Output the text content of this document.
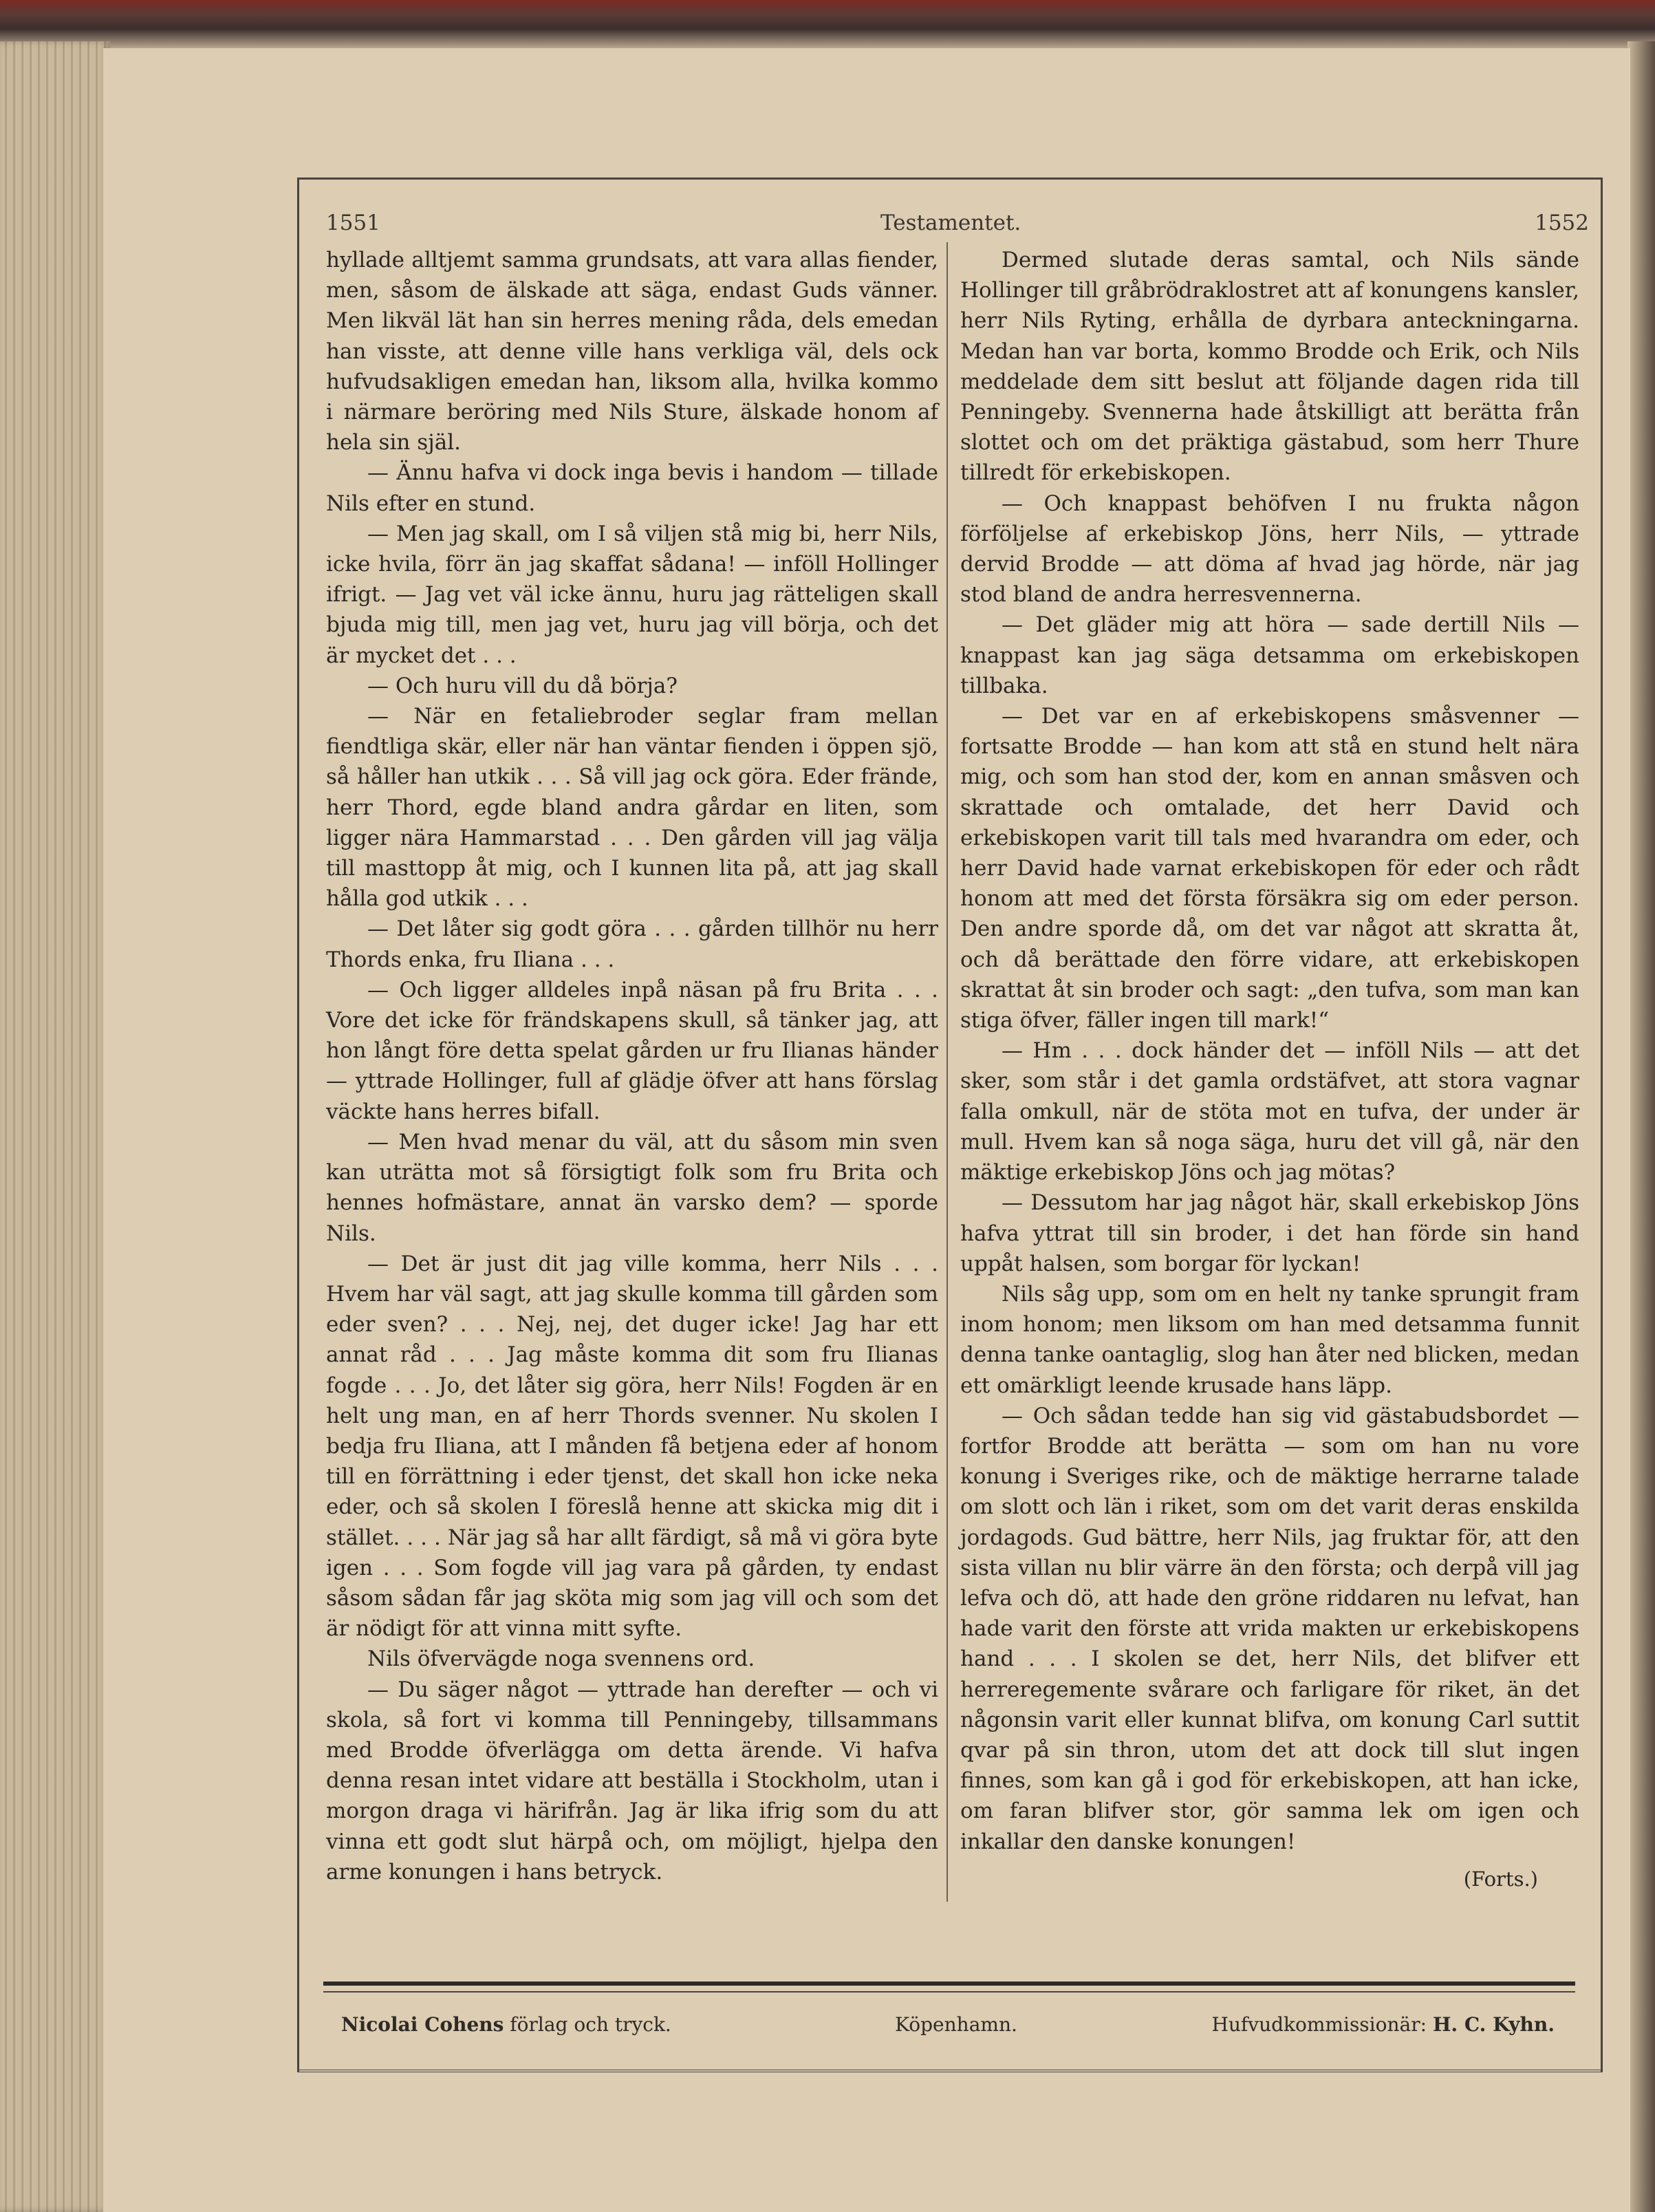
1551	Testamentet.	1552

hyllade alltjemt samma grundsats, att vara allas fiender, men, såsom de älskade att säga, endast Guds vänner. Men likväl lät han sin herres mening råda, dels emedan han visste, att denne ville hans verkliga väl, dels ock hufvudsakligen emedan han, liksom alla, hvilka kommo i närmare beröring med Nils Sture, älskade honom af hela sin själ.

— Ännu hafva vi dock inga bevis i handom — tillade Nils efter en stund.

— Men jag skall, om I så viljen stå mig bi, herr Nils, icke hvila, förr än jag skaffat sådana! — inföll Hollinger ifrigt. — Jag vet väl icke ännu, huru jag rätteligen skall bjuda mig till, men jag vet, huru jag vill börja, och det är mycket det . . .

— Och huru vill du då börja?

— När en fetaliebroder seglar fram mellan fiendtliga skär, eller när han väntar fienden i öppen sjö, så håller han utkik . . . Så vill jag ock göra. Eder frände, herr Thord, egde bland andra gårdar en liten, som ligger nära Hammarstad . . . Den gården vill jag välja till masttopp åt mig, och I kunnen lita på, att jag skall hålla god utkik . . .

— Det låter sig godt göra . . . gården tillhör nu herr Thords enka, fru Iliana . . .

— Och ligger alldeles inpå näsan på fru Brita . . . Vore det icke för frändskapens skull, så tänker jag, att hon långt före detta spelat gården ur fru Ilianas händer — yttrade Hollinger, full af glädje öfver att hans förslag väckte hans herres bifall.

— Men hvad menar du väl, att du såsom min sven kan uträtta mot så försigtigt folk som fru Brita och hennes hofmästare, annat än varsko dem? — sporde Nils.

— Det är just dit jag ville komma, herr Nils . . . Hvem har väl sagt, att jag skulle komma till gården som eder sven? . . . Nej, nej, det duger icke! Jag har ett annat råd . . . Jag måste komma dit som fru Ilianas fogde . . . Jo, det låter sig göra, herr Nils! Fogden är en helt ung man, en af herr Thords svenner. Nu skolen I bedja fru Iliana, att I månden få betjena eder af honom till en förrättning i eder tjenst, det skall hon icke neka eder, och så skolen I föreslå henne att skicka mig dit i stället. . . . När jag så har allt färdigt, så må vi göra byte igen . . . Som fogde vill jag vara på gården, ty endast såsom sådan får jag sköta mig som jag vill och som det är nödigt för att vinna mitt syfte.

Nils öfvervägde noga svennens ord.

— Du säger något — yttrade han derefter — och vi skola, så fort vi komma till Penningeby, tillsammans med Brodde öfverlägga om detta ärende. Vi hafva denna resan intet vidare att beställa i Stockholm, utan i morgon draga vi härifrån. Jag är lika ifrig som du att vinna ett godt slut härpå och, om möjligt, hjelpa den arme konungen i hans betryck.

Dermed slutade deras samtal, och Nils sände Hollinger till gråbrödraklostret att af konungens kansler, herr Nils Ryting, erhålla de dyrbara anteckningarna. Medan han var borta, kommo Brodde och Erik, och Nils meddelade dem sitt beslut att följande dagen rida till Penningeby. Svennerna hade åtskilligt att berätta från slottet och om det präktiga gästabud, som herr Thure tillredt för erkebiskopen.

— Och knappast behöfven I nu frukta någon förföljelse af erkebiskop Jöns, herr Nils, — yttrade dervid Brodde — att döma af hvad jag hörde, när jag stod bland de andra herresvennerna.

— Det gläder mig att höra — sade dertill Nils — knappast kan jag säga detsamma om erkebiskopen tillbaka.

— Det var en af erkebiskopens småsvenner — fortsatte Brodde — han kom att stå en stund helt nära mig, och som han stod der, kom en annan småsven och skrattade och omtalade, det herr David och erkebiskopen varit till tals med hvarandra om eder, och herr David hade varnat erkebiskopen för eder och rådt honom att med det första försäkra sig om eder person. Den andre sporde då, om det var något att skratta åt, och då berättade den förre vidare, att erkebiskopen skrattat åt sin broder och sagt: „den tufva, som man kan stiga öfver, fäller ingen till mark!“

— Hm . . . dock händer det — inföll Nils — att det sker, som står i det gamla ordstäfvet, att stora vagnar falla omkull, när de stöta mot en tufva, der under är mull. Hvem kan så noga säga, huru det vill gå, när den mäktige erkebiskop Jöns och jag mötas?

— Dessutom har jag något här, skall erkebiskop Jöns hafva yttrat till sin broder, i det han förde sin hand uppåt halsen, som borgar för lyckan!

Nils såg upp, som om en helt ny tanke sprungit fram inom honom; men liksom om han med detsamma funnit denna tanke oantaglig, slog han åter ned blicken, medan ett omärkligt leende krusade hans läpp.

— Och sådan tedde han sig vid gästabudsbordet — fortfor Brodde att berätta — som om han nu vore konung i Sveriges rike, och de mäktige herrarne talade om slott och län i riket, som om det varit deras enskilda jordagods. Gud bättre, herr Nils, jag fruktar för, att den sista villan nu blir värre än den första; och derpå vill jag lefva och dö, att hade den gröne riddaren nu lefvat, han hade varit den förste att vrida makten ur erkebiskopens hand . . . I skolen se det, herr Nils, det blifver ett herreregemente svårare och farligare för riket, än det någonsin varit eller kunnat blifva, om konung Carl suttit qvar på sin thron, utom det att dock till slut ingen finnes, som kan gå i god för erkebiskopen, att han icke, om faran blifver stor, gör samma lek om igen och inkallar den danske konungen!

(Forts.)

Nicolai Cohens förlag och tryck.	Köpenhamn.	Hufvudkommissionär: H. C. Kyhn.
